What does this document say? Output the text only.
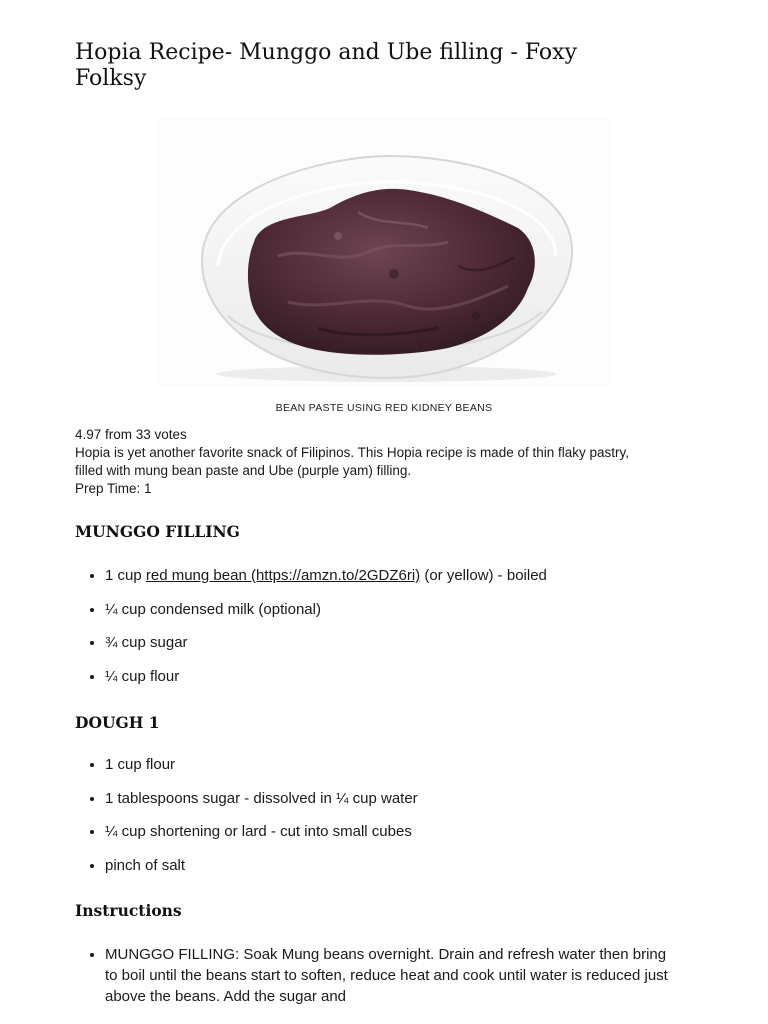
Hopia Recipe- Munggo and Ube filling - Foxy Folksy
BEAN PASTE USING RED KIDNEY BEANS
4.97 from 33 votes
Hopia is yet another favorite snack of Filipinos. This Hopia recipe is made of thin flaky pastry, filled with mung bean paste and Ube (purple yam) filling.
Prep Time: 1
MUNGGO FILLING
• 1 cup red mung bean (https://amzn.to/2GDZ6ri) (or yellow) - boiled
• ¼ cup condensed milk (optional)
• ¾ cup sugar
• ¼ cup flour
DOUGH 1
• 1 cup flour
• 1 tablespoons sugar - dissolved in ¼ cup water
• ¼ cup shortening or lard - cut into small cubes
• pinch of salt
Instructions
• MUNGGO FILLING: Soak Mung beans overnight. Drain and refresh water then bring to boil until the beans start to soften, reduce heat and cook until water is reduced just above the beans. Add the sugar and
